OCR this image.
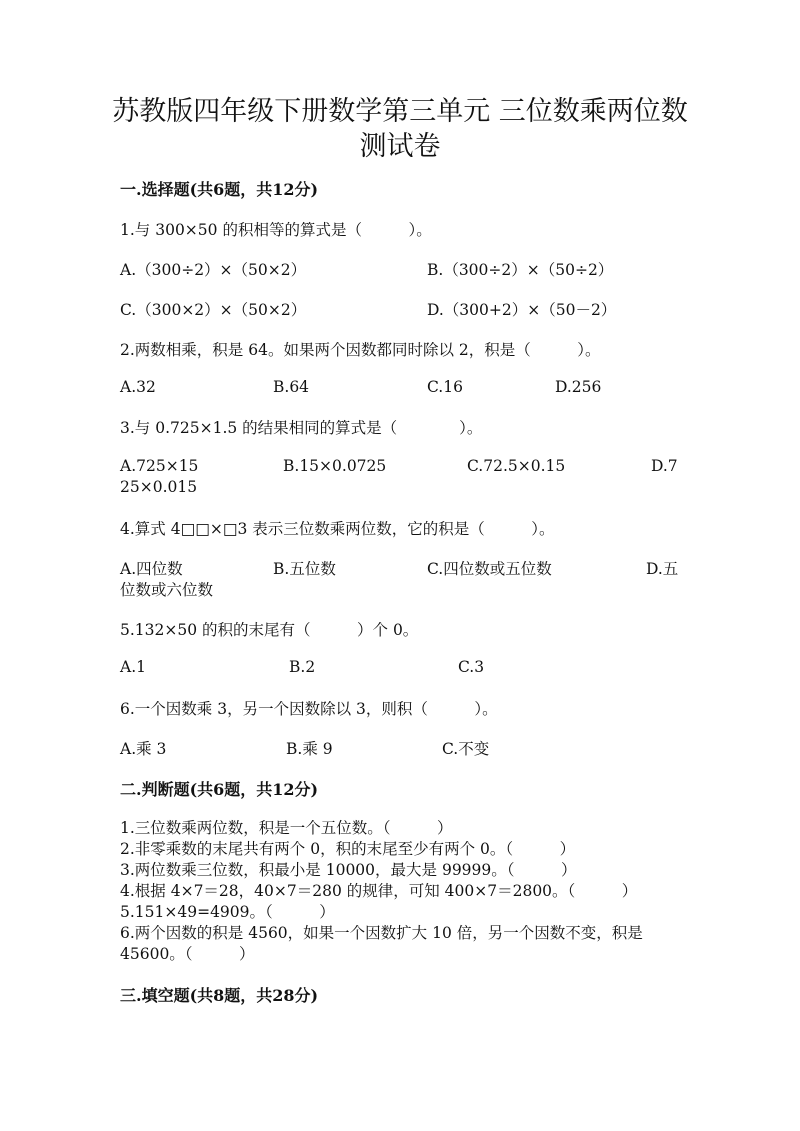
苏教版四年级下册数学第三单元 三位数乘两位数
测试卷
一.选择题(共6题，共12分)
1.与 300×50 的积相等的算式是（　　　）。
A.（300÷2）×（50×2）	B.（300÷2）×（50÷2）
C.（300×2）×（50×2）	D.（300+2）×（50－2）
2.两数相乘，积是 64。如果两个因数都同时除以 2，积是（　　　）。
A.32	B.64	C.16	D.256
3.与 0.725×1.5 的结果相同的算式是（　　　　）。
A.725×15	B.15×0.0725	C.72.5×0.15	D.7
25×0.015
4.算式 4□□×□3 表示三位数乘两位数，它的积是（　　　）。
A.四位数	B.五位数	C.四位数或五位数	D.五
位数或六位数
5.132×50 的积的末尾有（　　　）个 0。
A.1	B.2	C.3
6.一个因数乘 3，另一个因数除以 3，则积（　　　）。
A.乘 3	B.乘 9	C.不变
二.判断题(共6题，共12分)
1.三位数乘两位数，积是一个五位数。（　　　）
2.非零乘数的末尾共有两个 0，积的末尾至少有两个 0。（　　　）
3.两位数乘三位数，积最小是 10000，最大是 99999。（　　　）
4.根据 4×7＝28，40×7＝280 的规律，可知 400×7＝2800。（　　　）
5.151×49=4909。（　　　）
6.两个因数的积是 4560，如果一个因数扩大 10 倍，另一个因数不变，积是
45600。（　　　）
三.填空题(共8题，共28分)
